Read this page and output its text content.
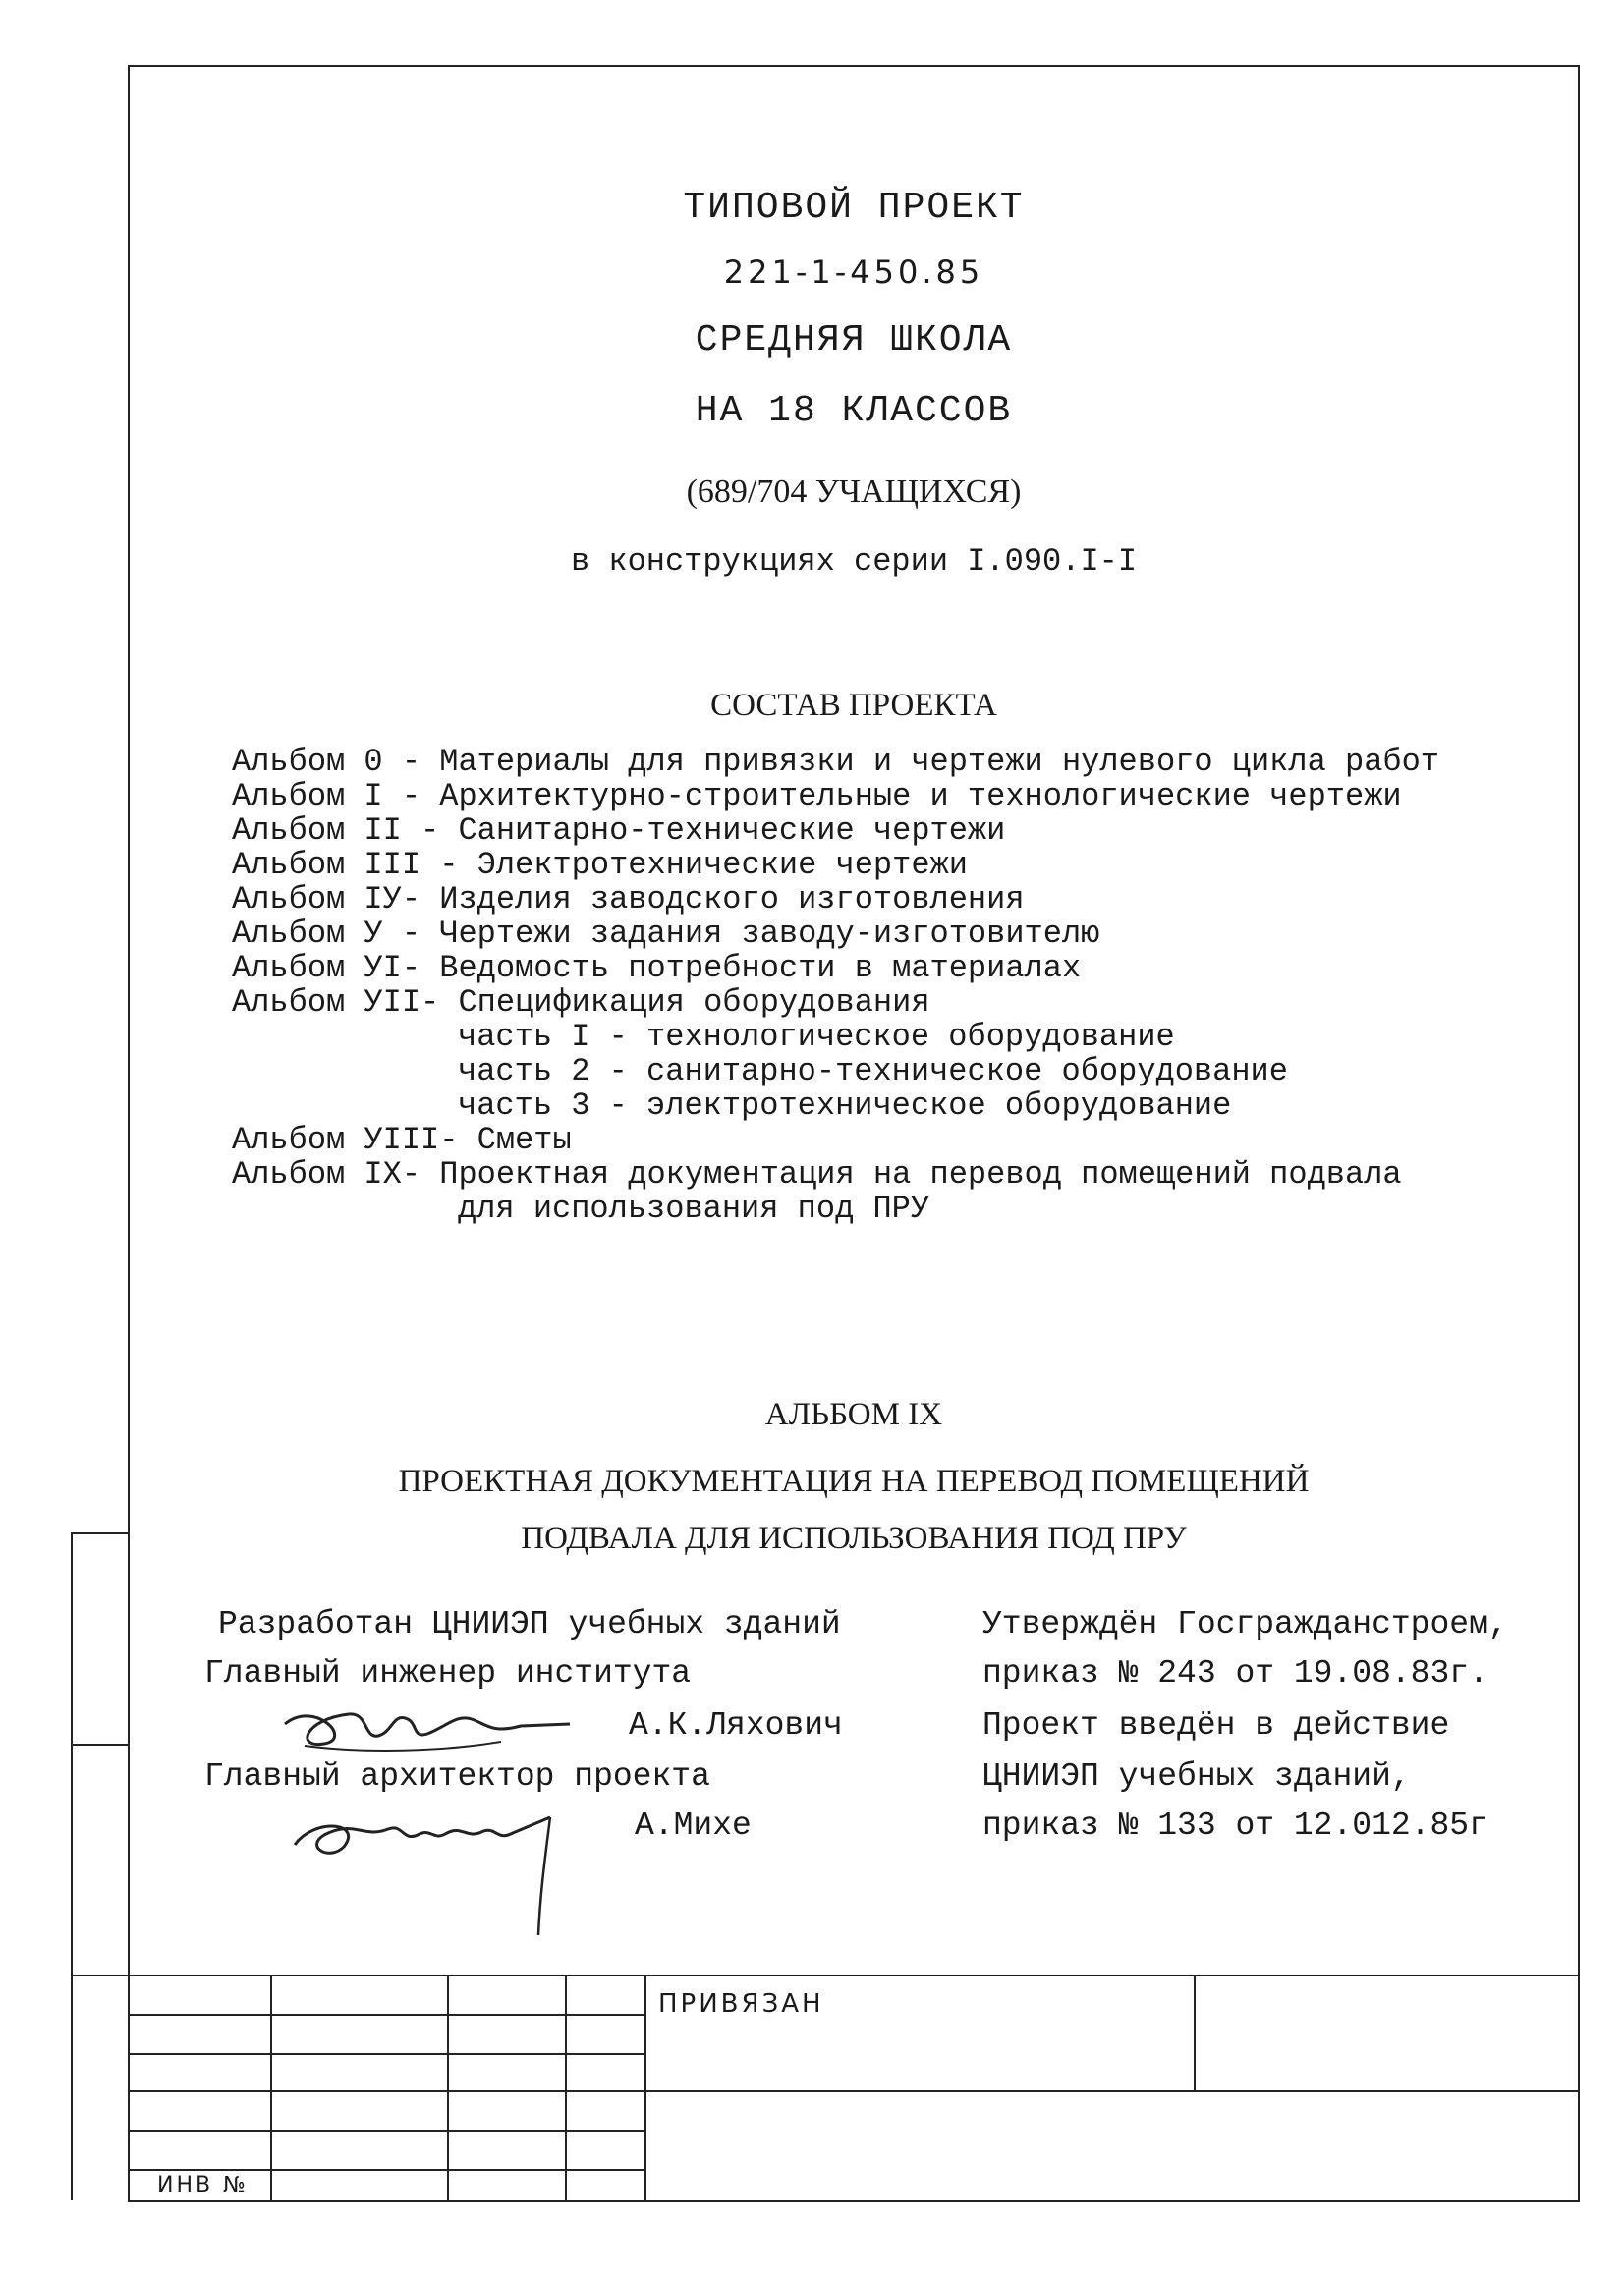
ТИПОВОЙ ПРОЕКТ
221-1-450.85
СРЕДНЯЯ ШКОЛА
НА 18 КЛАССОВ
(689/704 УЧАЩИХСЯ)
в конструкциях серии I.090.I-I
СОСТАВ ПРОЕКТА
Альбом 0 - Материалы для привязки и чертежи нулевого цикла работ
Альбом I - Архитектурно-строительные и технологические чертежи
Альбом II - Санитарно-технические чертежи
Альбом III - Электротехнические чертежи
Альбом IУ- Изделия заводского изготовления
Альбом У - Чертежи задания заводу-изготовителю
Альбом УI- Ведомость потребности в материалах
Альбом УII- Спецификация оборудования
часть I - технологическое оборудование
часть 2 - санитарно-техническое оборудование
часть 3 - электротехническое оборудование
Альбом УIII- Сметы
Альбом IX- Проектная документация на перевод помещений подвала
для использования под ПРУ
АЛЬБОМ IX
ПРОЕКТНАЯ ДОКУМЕНТАЦИЯ НА ПЕРЕВОД ПОМЕЩЕНИЙ
ПОДВАЛА ДЛЯ ИСПОЛЬЗОВАНИЯ ПОД ПРУ
Разработан ЦНИИЭП учебных зданий
Главный инженер института
А.К.Ляхович
Главный архитектор проекта
А.Михе
Утверждён Госгражданстроем,
приказ № 243 от 19.08.83г.
Проект введён в действие
ЦНИИЭП учебных зданий,
приказ № 133 от 12.012.85г
ПРИВЯЗАН
ИНВ №
